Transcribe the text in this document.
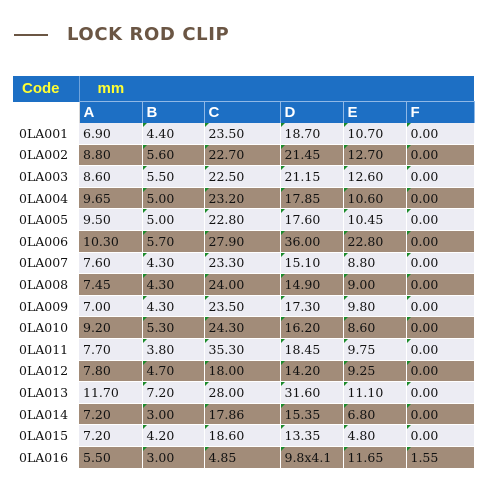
LOCK ROD CLIP
Code	mm					
	A	B	C	D	E	F
0LA001	6.90	4.40	23.50	18.70	10.70	0.00
0LA002	8.80	5.60	22.70	21.45	12.70	0.00
0LA003	8.60	5.50	22.50	21.15	12.60	0.00
0LA004	9.65	5.00	23.20	17.85	10.60	0.00
0LA005	9.50	5.00	22.80	17.60	10.45	0.00
0LA006	10.30	5.70	27.90	36.00	22.80	0.00
0LA007	7.60	4.30	23.30	15.10	8.80	0.00
0LA008	7.45	4.30	24.00	14.90	9.00	0.00
0LA009	7.00	4.30	23.50	17.30	9.80	0.00
0LA010	9.20	5.30	24.30	16.20	8.60	0.00
0LA011	7.70	3.80	35.30	18.45	9.75	0.00
0LA012	7.80	4.70	18.00	14.20	9.25	0.00
0LA013	11.70	7.20	28.00	31.60	11.10	0.00
0LA014	7.20	3.00	17.86	15.35	6.80	0.00
0LA015	7.20	4.20	18.60	13.35	4.80	0.00
0LA016	5.50	3.00	4.85	9.8x4.1	11.65	1.55
